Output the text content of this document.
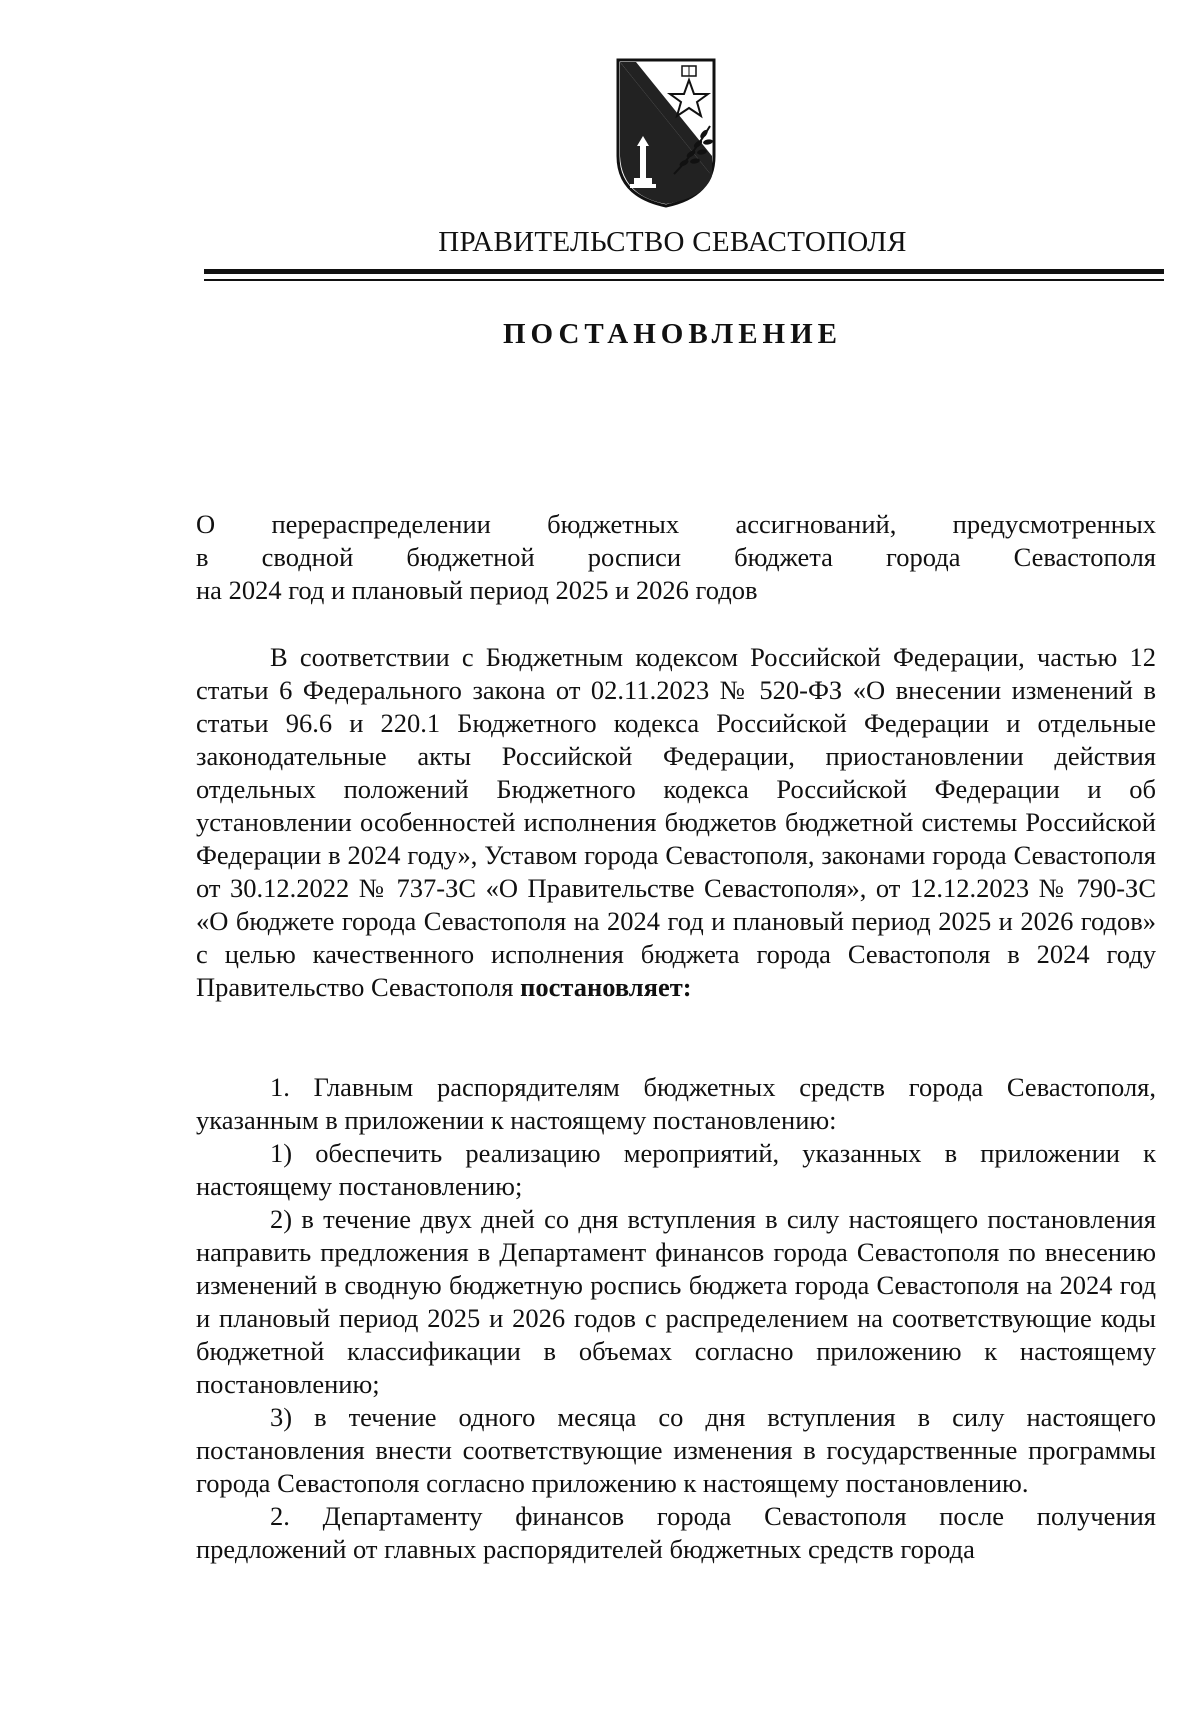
ПРАВИТЕЛЬСТВО СЕВАСТОПОЛЯ
ПОСТАНОВЛЕНИЕ
О перераспределении бюджетных ассигнований, предусмотренных
в сводной бюджетной росписи бюджета города Севастополя
на 2024 год и плановый период 2025 и 2026 годов

В соответствии с Бюджетным кодексом Российской Федерации, частью 12 статьи 6 Федерального закона от 02.11.2023 № 520-ФЗ «О внесении изменений в статьи 96.6 и 220.1 Бюджетного кодекса Российской Федерации и отдельные законодательные акты Российской Федерации, приостановлении действия отдельных положений Бюджетного кодекса Российской Федерации и об установлении особенностей исполнения бюджетов бюджетной системы Российской Федерации в 2024 году», Уставом города Севастополя, законами города Севастополя от 30.12.2022 № 737-ЗС «О Правительстве Севастополя», от 12.12.2023 № 790-ЗС «О бюджете города Севастополя на 2024 год и плановый период 2025 и 2026 годов» с целью качественного исполнения бюджета города Севастополя в 2024 году Правительство Севастополя постановляет:

1. Главным распорядителям бюджетных средств города Севастополя, указанным в приложении к настоящему постановлению:

1) обеспечить реализацию мероприятий, указанных в приложении к настоящему постановлению;

2) в течение двух дней со дня вступления в силу настоящего постановления направить предложения в Департамент финансов города Севастополя по внесению изменений в сводную бюджетную роспись бюджета города Севастополя на 2024 год и плановый период 2025 и 2026 годов с распределением на соответствующие коды бюджетной классификации в объемах согласно приложению к настоящему постановлению;

3) в течение одного месяца со дня вступления в силу настоящего постановления внести соответствующие изменения в государственные программы города Севастополя согласно приложению к настоящему постановлению.

2. Департаменту финансов города Севастополя после получения предложений от главных распорядителей бюджетных средств города
